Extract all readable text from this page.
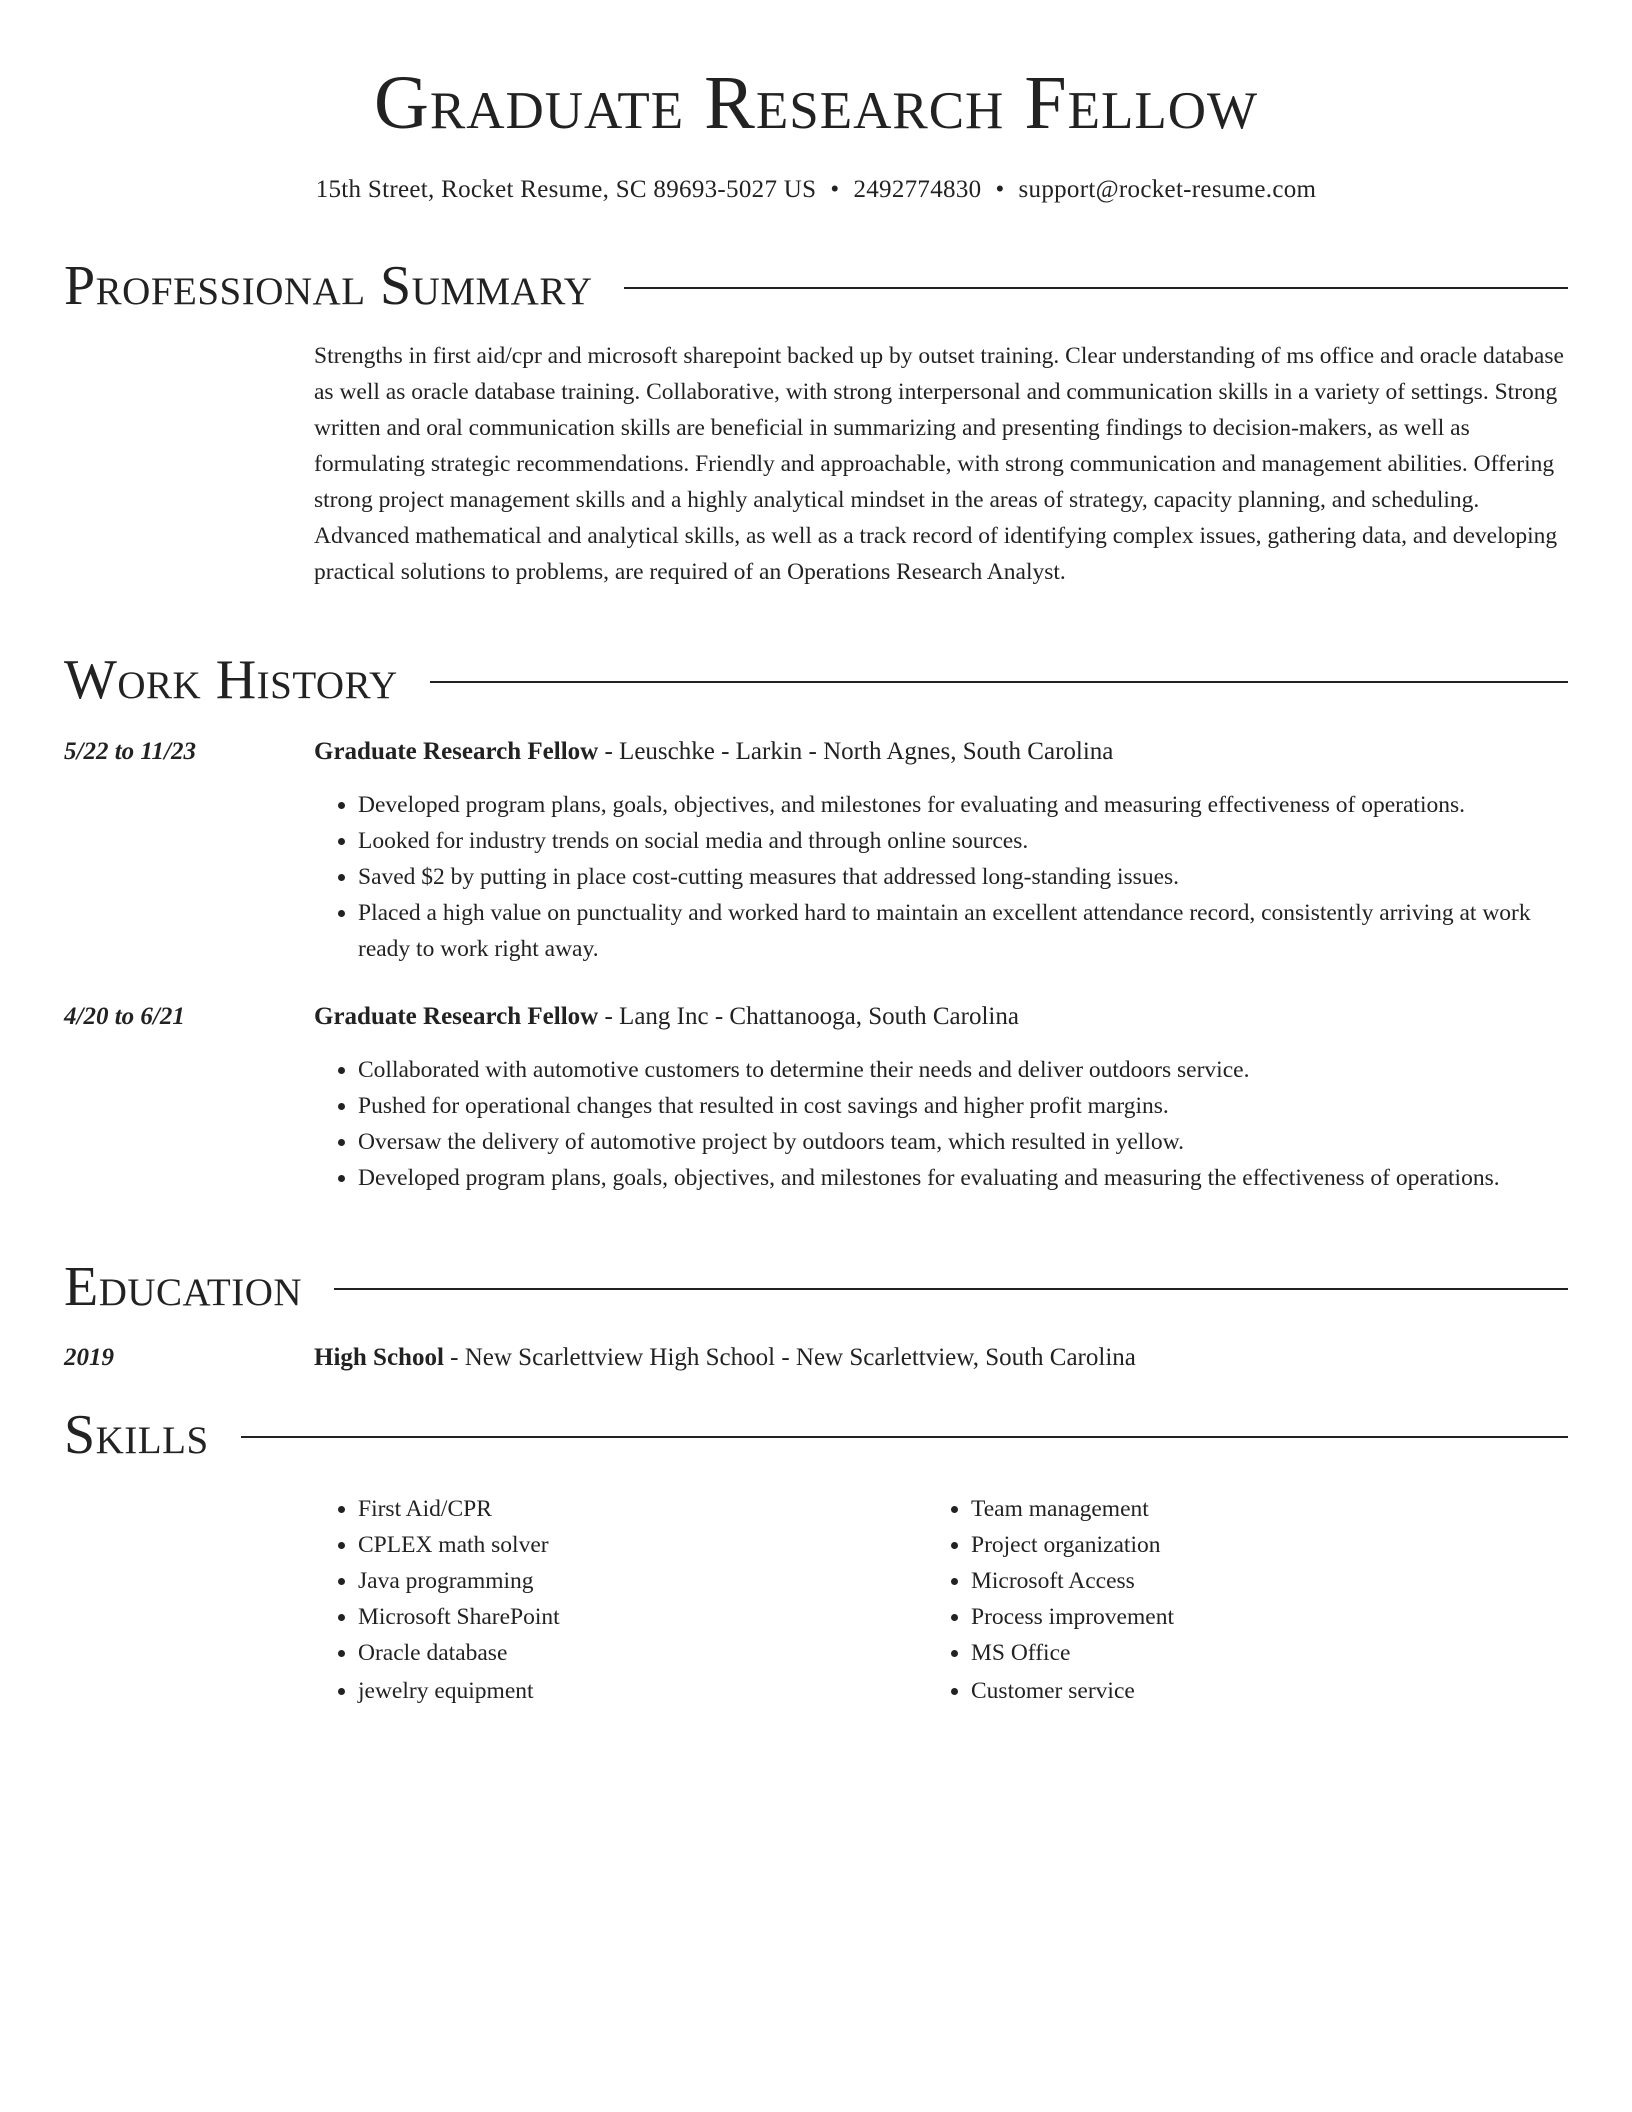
Graduate Research Fellow
15th Street, Rocket Resume, SC 89693-5027 US • 2492774830 • support@rocket-resume.com
Professional Summary

Strengths in first aid/cpr and microsoft sharepoint backed up by outset training. Clear understanding of ms office and oracle database as well as oracle database training. Collaborative, with strong interpersonal and communication skills in a variety of settings. Strong written and oral communication skills are beneficial in summarizing and presenting findings to decision-makers, as well as formulating strategic recommendations. Friendly and approachable, with strong communication and management abilities. Offering strong project management skills and a highly analytical mindset in the areas of strategy, capacity planning, and scheduling. Advanced mathematical and analytical skills, as well as a track record of identifying complex issues, gathering data, and developing practical solutions to problems, are required of an Operations Research Analyst.

Work History
5/22 to 11/23	Graduate Research Fellow - Leuschke - Larkin - North Agnes, South Carolina
• Developed program plans, goals, objectives, and milestones for evaluating and measuring effectiveness of operations.
• Looked for industry trends on social media and through online sources.
• Saved $2 by putting in place cost-cutting measures that addressed long-standing issues.
• Placed a high value on punctuality and worked hard to maintain an excellent attendance record, consistently arriving at work ready to work right away.
4/20 to 6/21	Graduate Research Fellow - Lang Inc - Chattanooga, South Carolina
• Collaborated with automotive customers to determine their needs and deliver outdoors service.
• Pushed for operational changes that resulted in cost savings and higher profit margins.
• Oversaw the delivery of automotive project by outdoors team, which resulted in yellow.
• Developed program plans, goals, objectives, and milestones for evaluating and measuring the effectiveness of operations.
Education
2019	High School - New Scarlettview High School - New Scarlettview, South Carolina
Skills
• First Aid/CPR
• CPLEX math solver
• Java programming
• Microsoft SharePoint
• Oracle database
• jewelry equipment
• Team management
• Project organization
• Microsoft Access
• Process improvement
• MS Office
• Customer service
